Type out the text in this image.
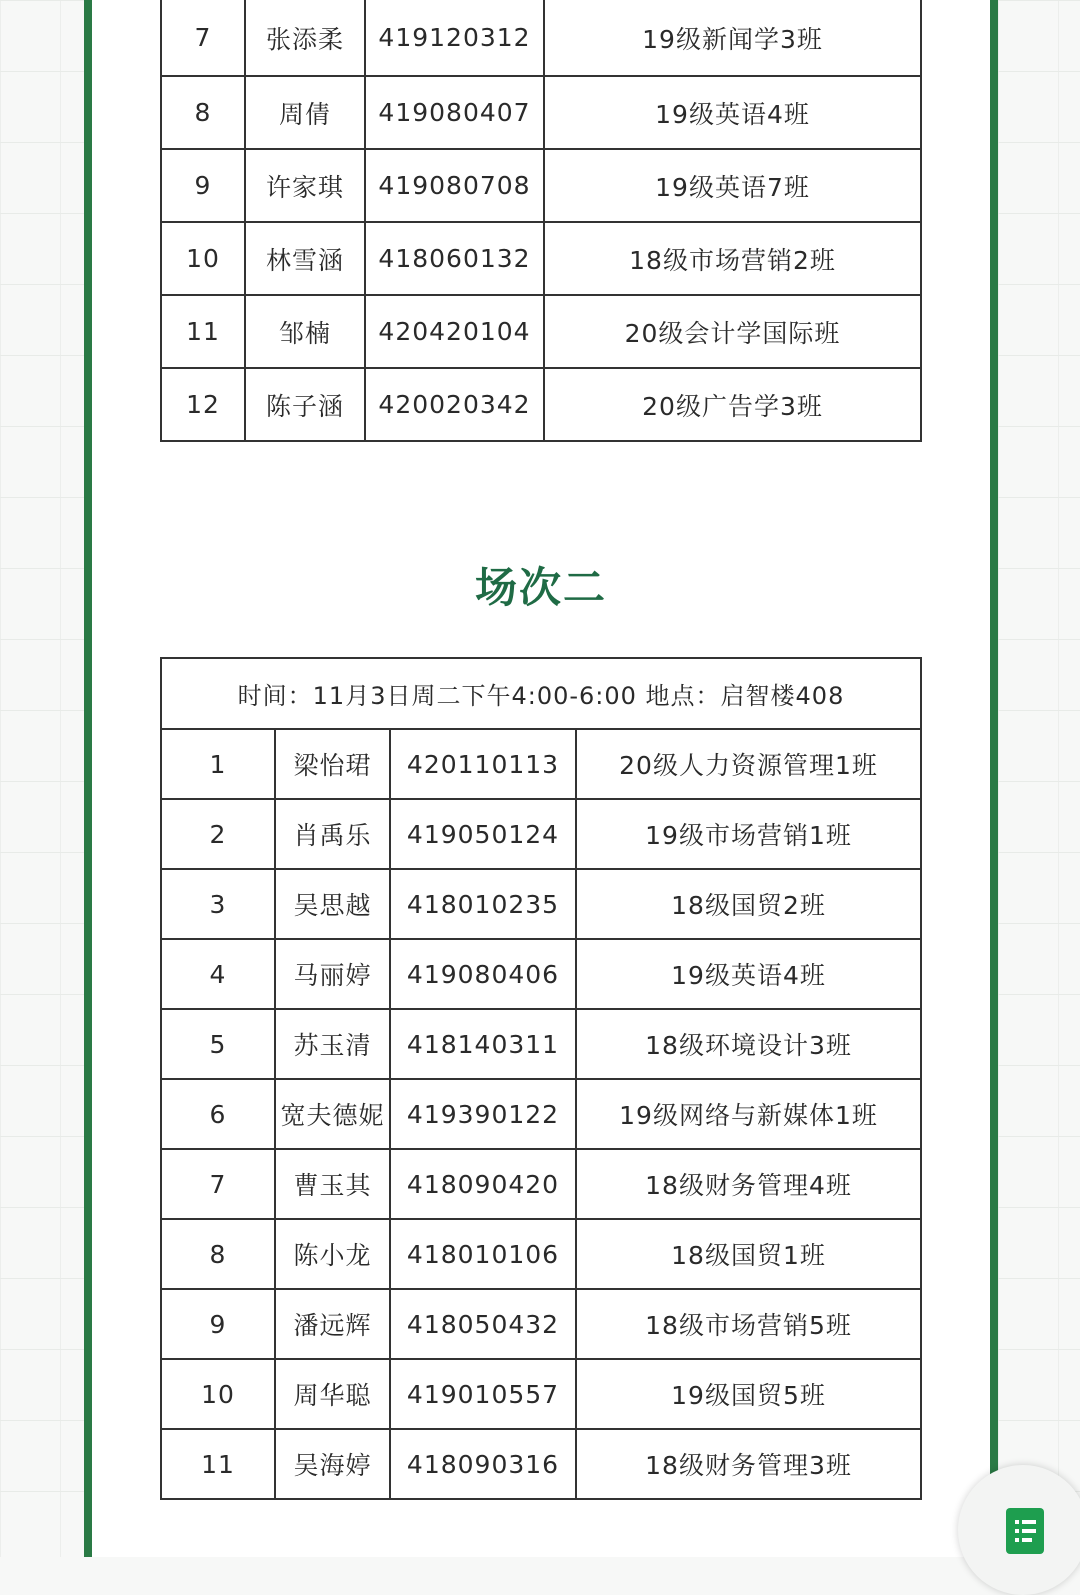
7	张添柔	419120312	19级新闻学3班
8	周倩	419080407	19级英语4班
9	许家琪	419080708	19级英语7班
10	林雪涵	418060132	18级市场营销2班
11	邹楠	420420104	20级会计学国际班
12	陈子涵	420020342	20级广告学3班
场次二
时间：11月3日周二下午4:00-6:00 地点：启智楼408			
1	梁怡珺	420110113	20级人力资源管理1班
2	肖禹乐	419050124	19级市场营销1班
3	吴思越	418010235	18级国贸2班
4	马丽婷	419080406	19级英语4班
5	苏玉清	418140311	18级环境设计3班
6	宽夫德妮	419390122	19级网络与新媒体1班
7	曹玉其	418090420	18级财务管理4班
8	陈小龙	418010106	18级国贸1班
9	潘远辉	418050432	18级市场营销5班
10	周华聪	419010557	19级国贸5班
11	吴海婷	418090316	18级财务管理3班
